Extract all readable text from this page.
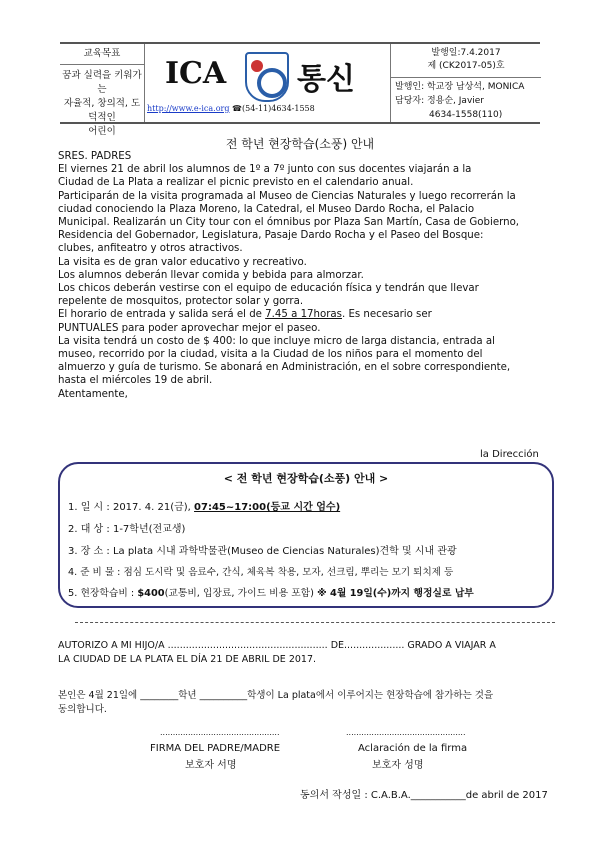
교육목표
꿈과 실력을 키워가는
자율적, 창의적, 도덕적인
어린이
ICA 통신
http://www.e-ica.org ☎(54-11)4634-1558
발행일:7.4.2017
제 (CK2017-05)호
발행인: 학교장 남상석, MONICA
담당자: 정용순, Javier
4634-1558(110)
전 학년 현장학습(소풍) 안내
SRES. PADRES
El viernes 21 de abril los alumnos de 1º a 7º junto con sus docentes viajarán a la
Ciudad de La Plata a realizar el picnic previsto en el calendario anual.
Participarán de la visita programada al Museo de Ciencias Naturales y luego recorrerán la
ciudad conociendo la Plaza Moreno, la Catedral, el Museo Dardo Rocha, el Palacio
Municipal. Realizarán un City tour con el ómnibus por Plaza San Martín, Casa de Gobierno,
Residencia del Gobernador, Legislatura, Pasaje Dardo Rocha y el Paseo del Bosque:
clubes, anfiteatro y otros atractivos.
La visita es de gran valor educativo y recreativo.
Los alumnos deberán llevar comida y bebida para almorzar.
Los chicos deberán vestirse con el equipo de educación física y tendrán que llevar
repelente de mosquitos, protector solar y gorra.
El horario de entrada y salida será el de 7.45 a 17horas. Es necesario ser
PUNTUALES para poder aprovechar mejor el paseo.
La visita tendrá un costo de $ 400: lo que incluye micro de larga distancia, entrada al
museo, recorrido por la ciudad, visita a la Ciudad de los niños para el momento del
almuerzo y guía de turismo. Se abonará en Administración, en el sobre correspondiente,
hasta el miércoles 19 de abril.
Atentamente,
la Dirección
< 전 학년 현장학습(소풍) 안내 >
1. 일 시 : 2017. 4. 21(금), 07:45~17:00(등교 시간 엄수)
2. 대 상 : 1-7학년(전교생)
3. 장 소 : La plata 시내 과학박물관(Museo de Ciencias Naturales)견학 및 시내 관광
4. 준 비 물 : 점심 도시락 및 음료수, 간식, 체육복 착용, 모자, 선크림, 뿌리는 모기 퇴치제 등
5. 현장학습비 : $400(교통비, 입장료, 가이드 비용 포함) ※ 4월 19일(수)까지 행정실로 납부
AUTORIZO A MI HIJO/A ..................................................... DE.................... GRADO A VIAJAR A
LA CIUDAD DE LA PLATA EL DÍA 21 DE ABRIL DE 2017.
본인은 4월 21일에 ________학년 __________학생이 La plata에서 이루어지는 현장학습에 참가하는 것을
동의합니다.
...............................................
FIRMA DEL PADRE/MADRE
보호자 서명
...............................................
Aclaración de la firma
보호자 성명
동의서 작성일 : C.A.B.A.___________de abril de 2017
